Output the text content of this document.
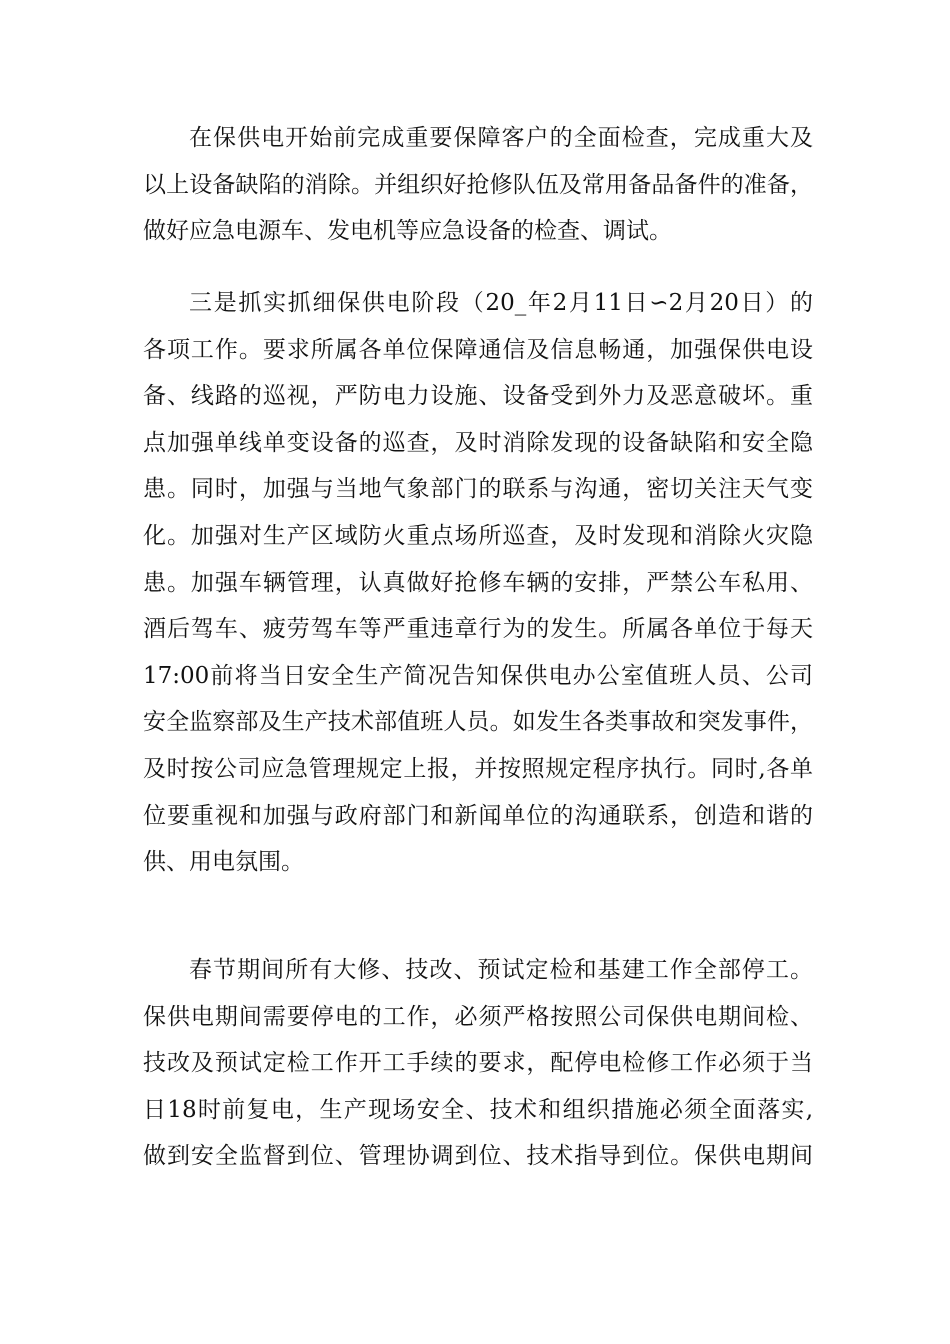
在保供电开始前完成重要保障客户的全面检查，完成重大及
以上设备缺陷的消除。并组织好抢修队伍及常用备品备件的准备，
做好应急电源车、发电机等应急设备的检查、调试。
三是抓实抓细保供电阶段（20_年2月11日∽2月20日）的
各项工作。要求所属各单位保障通信及信息畅通，加强保供电设
备、线路的巡视，严防电力设施、设备受到外力及恶意破坏。重
点加强单线单变设备的巡查，及时消除发现的设备缺陷和安全隐
患。同时，加强与当地气象部门的联系与沟通，密切关注天气变
化。加强对生产区域防火重点场所巡查，及时发现和消除火灾隐
患。加强车辆管理，认真做好抢修车辆的安排，严禁公车私用、
酒后驾车、疲劳驾车等严重违章行为的发生。所属各单位于每天
17:00前将当日安全生产简况告知保供电办公室值班人员、公司
安全监察部及生产技术部值班人员。如发生各类事故和突发事件，
及时按公司应急管理规定上报，并按照规定程序执行。同时,各单
位要重视和加强与政府部门和新闻单位的沟通联系，创造和谐的
供、用电氛围。
春节期间所有大修、技改、预试定检和基建工作全部停工。
保供电期间需要停电的工作，必须严格按照公司保供电期间检、
技改及预试定检工作开工手续的要求，配停电检修工作必须于当
日18时前复电，生产现场安全、技术和组织措施必须全面落实,
做到安全监督到位、管理协调到位、技术指导到位。保供电期间
